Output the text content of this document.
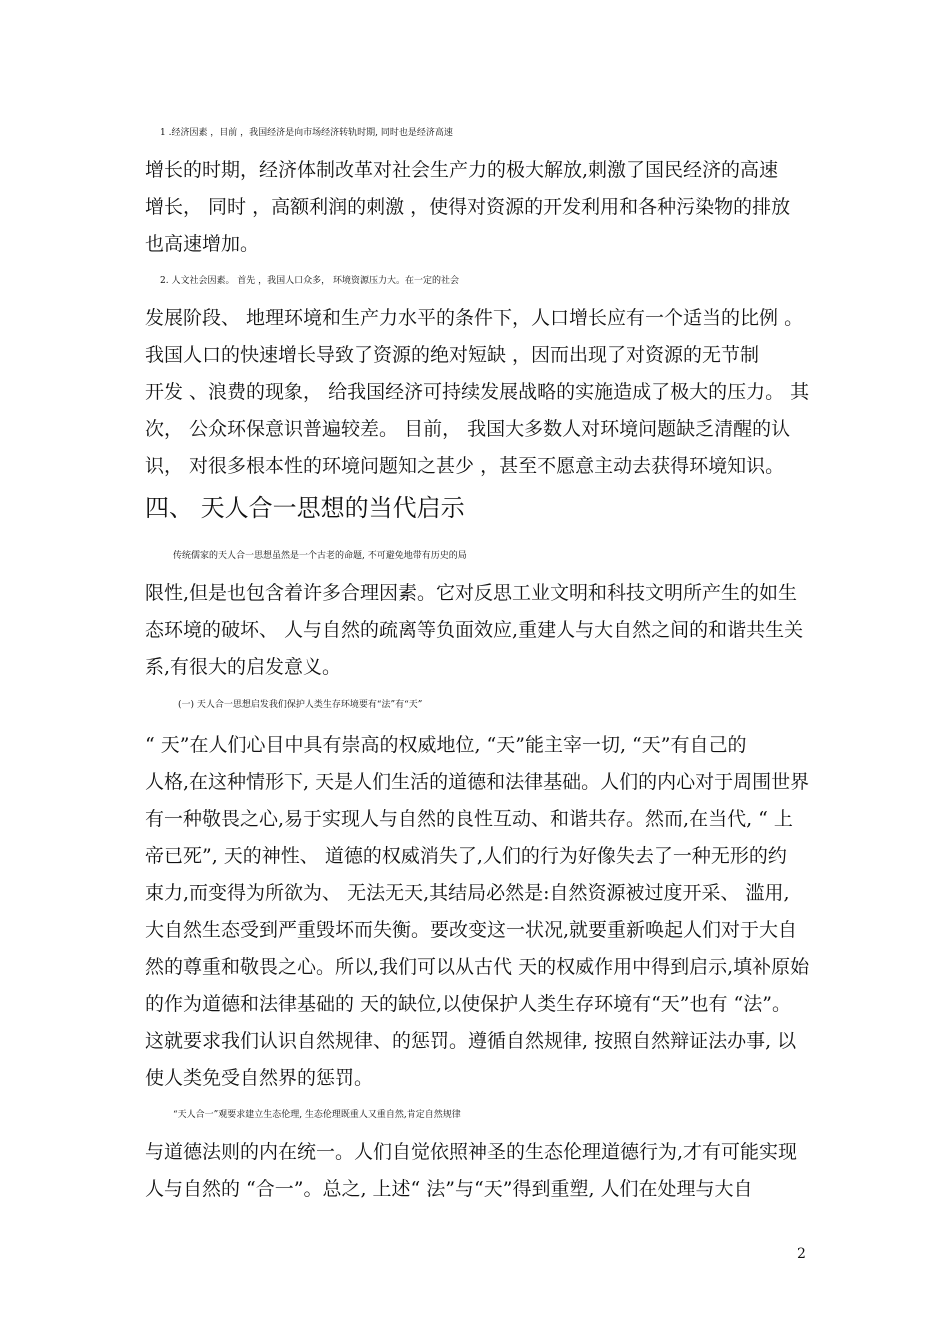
1 .经济因素 ，目前 ，我国经济是向市场经济转轨时期, 同时也是经济高速
增长的时期，经济体制改革对社会生产力的极大解放,刺激了国民经济的高速
增长， 同时 ，高额利润的刺激 ，使得对资源的开发利用和各种污染物的排放
也高速增加。
2. 人文社会因素。 首先 ，我国人口众多， 环境资源压力大。在一定的社会
发展阶段、 地理环境和生产力水平的条件下，人口增长应有一个适当的比例 。
我国人口的快速增长导致了资源的绝对短缺 ，因而出现了对资源的无节制
开发 、浪费的现象， 给我国经济可持续发展战略的实施造成了极大的压力。 其
次， 公众环保意识普遍较差。 目前， 我国大多数人对环境问题缺乏清醒的认
识， 对很多根本性的环境问题知之甚少 ，甚至不愿意主动去获得环境知识。
四、 天人合一思想的当代启示
传统儒家的天人合一思想虽然是一个古老的命题, 不可避免地带有历史的局
限性,但是也包含着许多合理因素。它对反思工业文明和科技文明所产生的如生
态环境的破坏、 人与自然的疏离等负面效应,重建人与大自然之间的和谐共生关
系,有很大的启发意义。
(一) 天人合一思想启发我们保护人类生存环境要有“法”有“天”
“ 天”在人们心目中具有崇高的权威地位, “天”能主宰一切, “天”有自己的
人格,在这种情形下, 天是人们生活的道德和法律基础。人们的内心对于周围世界
有一种敬畏之心,易于实现人与自然的良性互动、和谐共存。然而,在当代, “ 上
帝已死”, 天的神性、 道德的权威消失了,人们的行为好像失去了一种无形的约
束力,而变得为所欲为、 无法无天,其结局必然是:自然资源被过度开采、 滥用,
大自然生态受到严重毁坏而失衡。要改变这一状况,就要重新唤起人们对于大自
然的尊重和敬畏之心。所以,我们可以从古代 天的权威作用中得到启示,填补原始
的作为道德和法律基础的 天的缺位,以使保护人类生存环境有“天”也有 “法”。
这就要求我们认识自然规律、的惩罚。遵循自然规律, 按照自然辩证法办事, 以
使人类免受自然界的惩罚。
“天人合一”观要求建立生态伦理, 生态伦理既重人又重自然,肯定自然规律
与道德法则的内在统一。人们自觉依照神圣的生态伦理道德行为,才有可能实现
人与自然的 “合一”。总之, 上述“ 法”与“天”得到重塑, 人们在处理与大自
2
